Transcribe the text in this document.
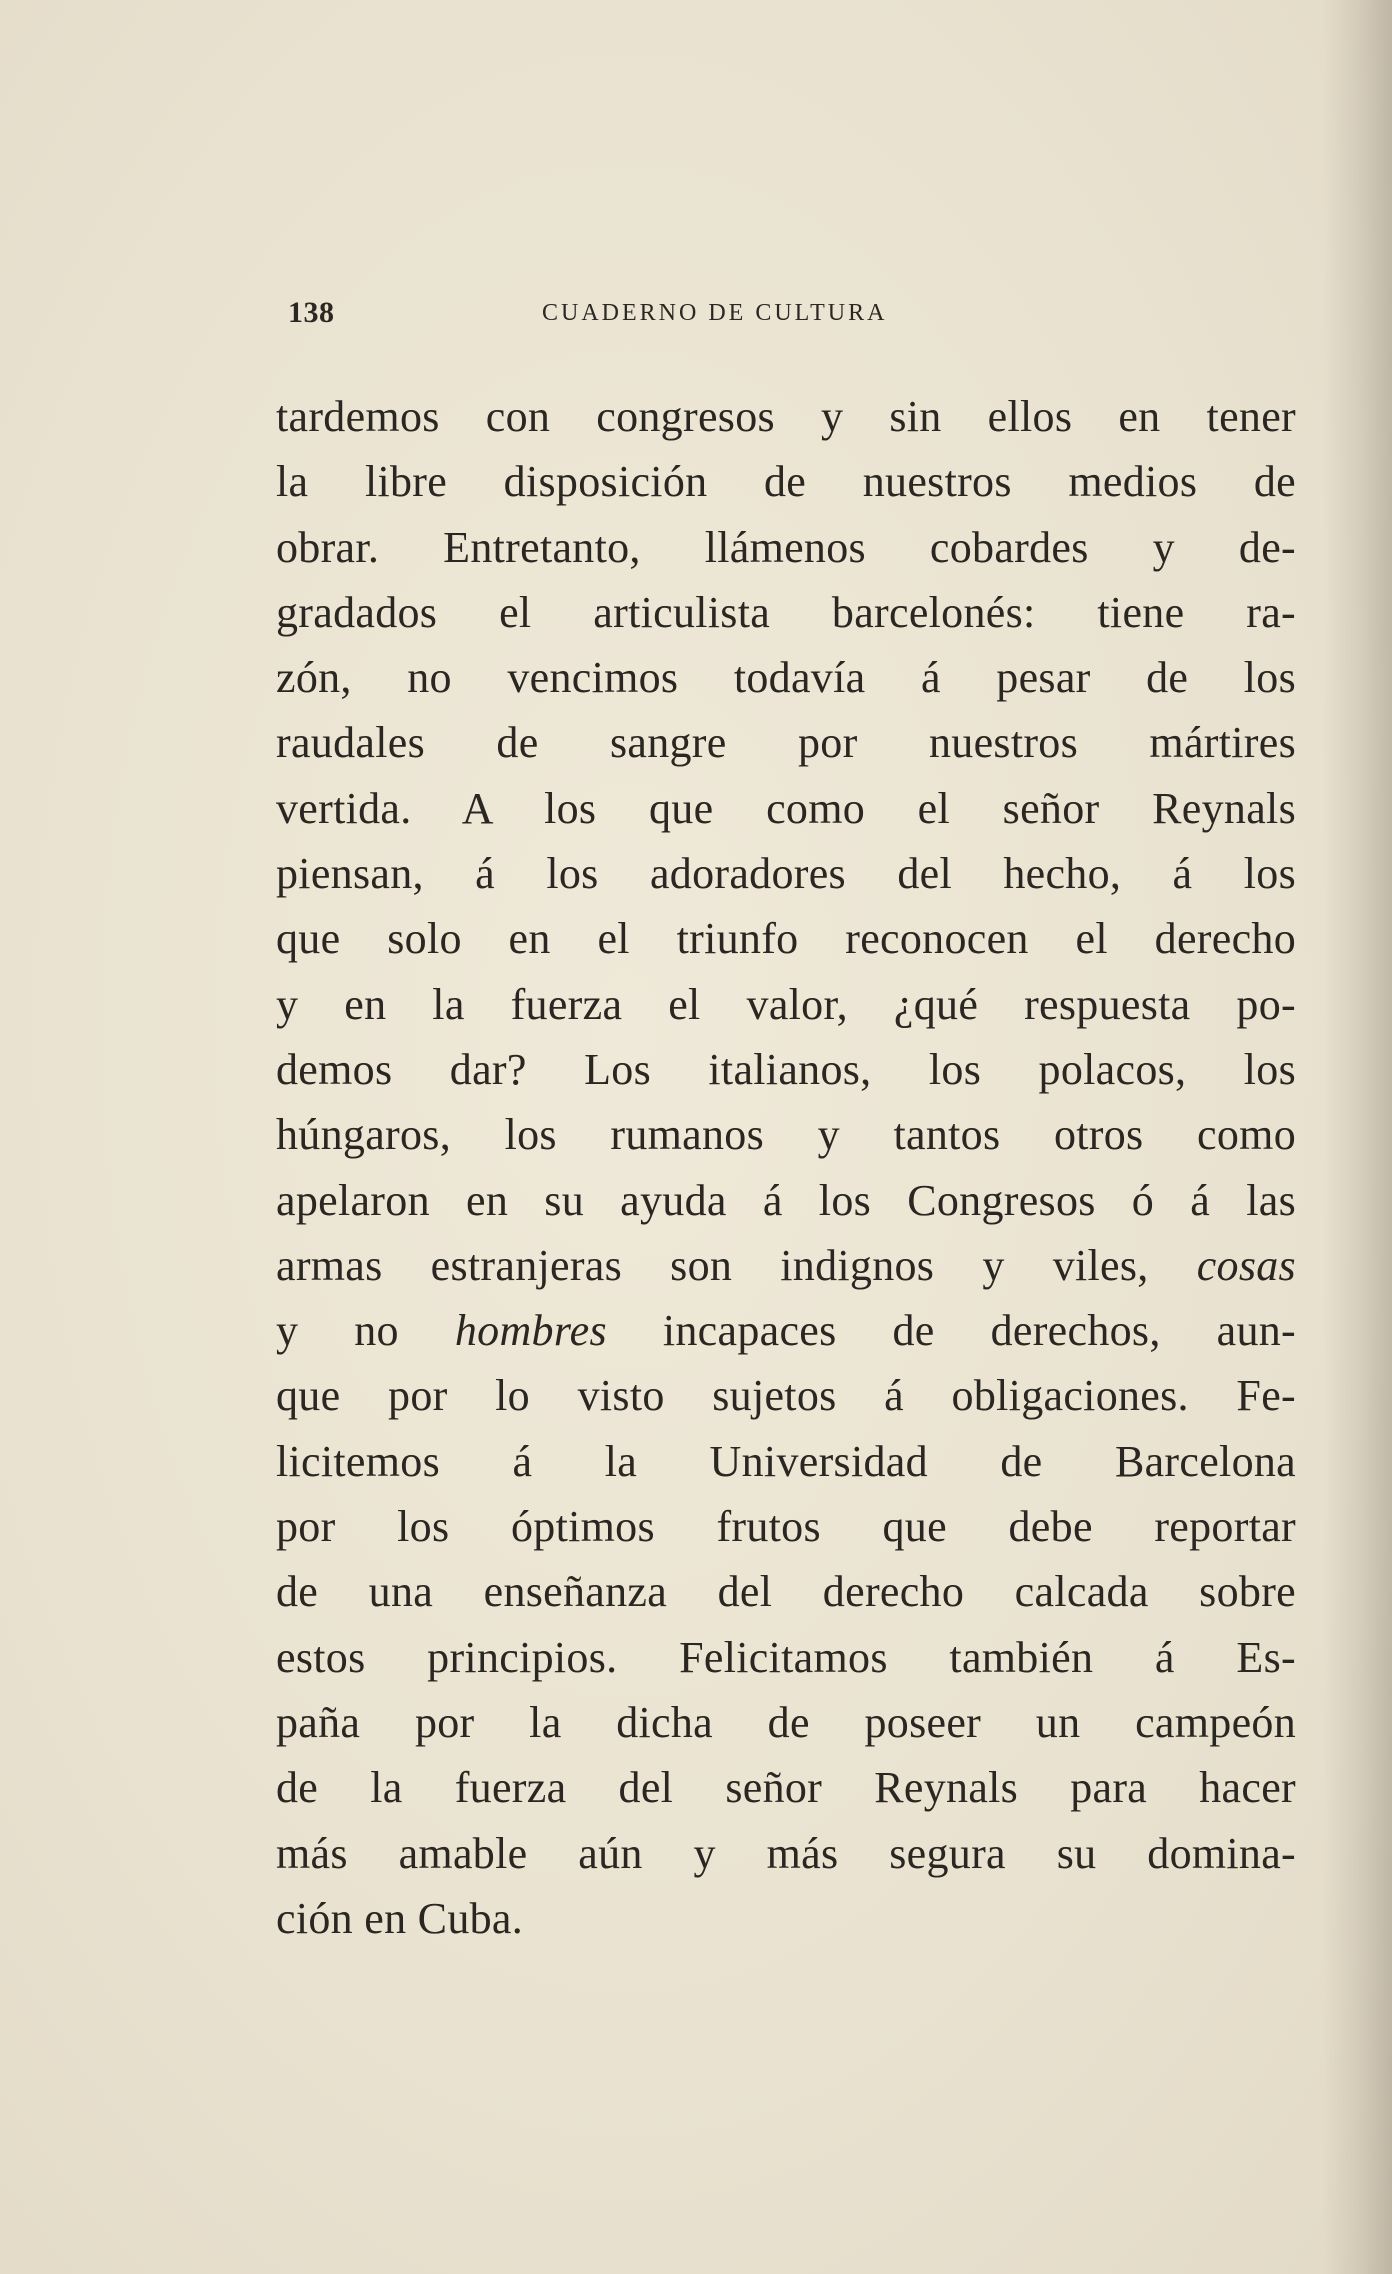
138	CUADERNO DE CULTURA
tardemos con congresos y sin ellos en tener
la libre disposición de nuestros medios de
obrar. Entretanto, llámenos cobardes y de-
gradados el articulista barcelonés: tiene ra-
zón, no vencimos todavía á pesar de los
raudales de sangre por nuestros mártires
vertida. A los que como el señor Reynals
piensan, á los adoradores del hecho, á los
que solo en el triunfo reconocen el derecho
y en la fuerza el valor, ¿qué respuesta po-
demos dar? Los italianos, los polacos, los
húngaros, los rumanos y tantos otros como
apelaron en su ayuda á los Congresos ó á las
armas estranjeras son indignos y viles, cosas
y no hombres incapaces de derechos, aun-
que por lo visto sujetos á obligaciones. Fe-
licitemos á la Universidad de Barcelona
por los óptimos frutos que debe reportar
de una enseñanza del derecho calcada sobre
estos principios. Felicitamos también á Es-
paña por la dicha de poseer un campeón
de la fuerza del señor Reynals para hacer
más amable aún y más segura su domina-
ción en Cuba.
